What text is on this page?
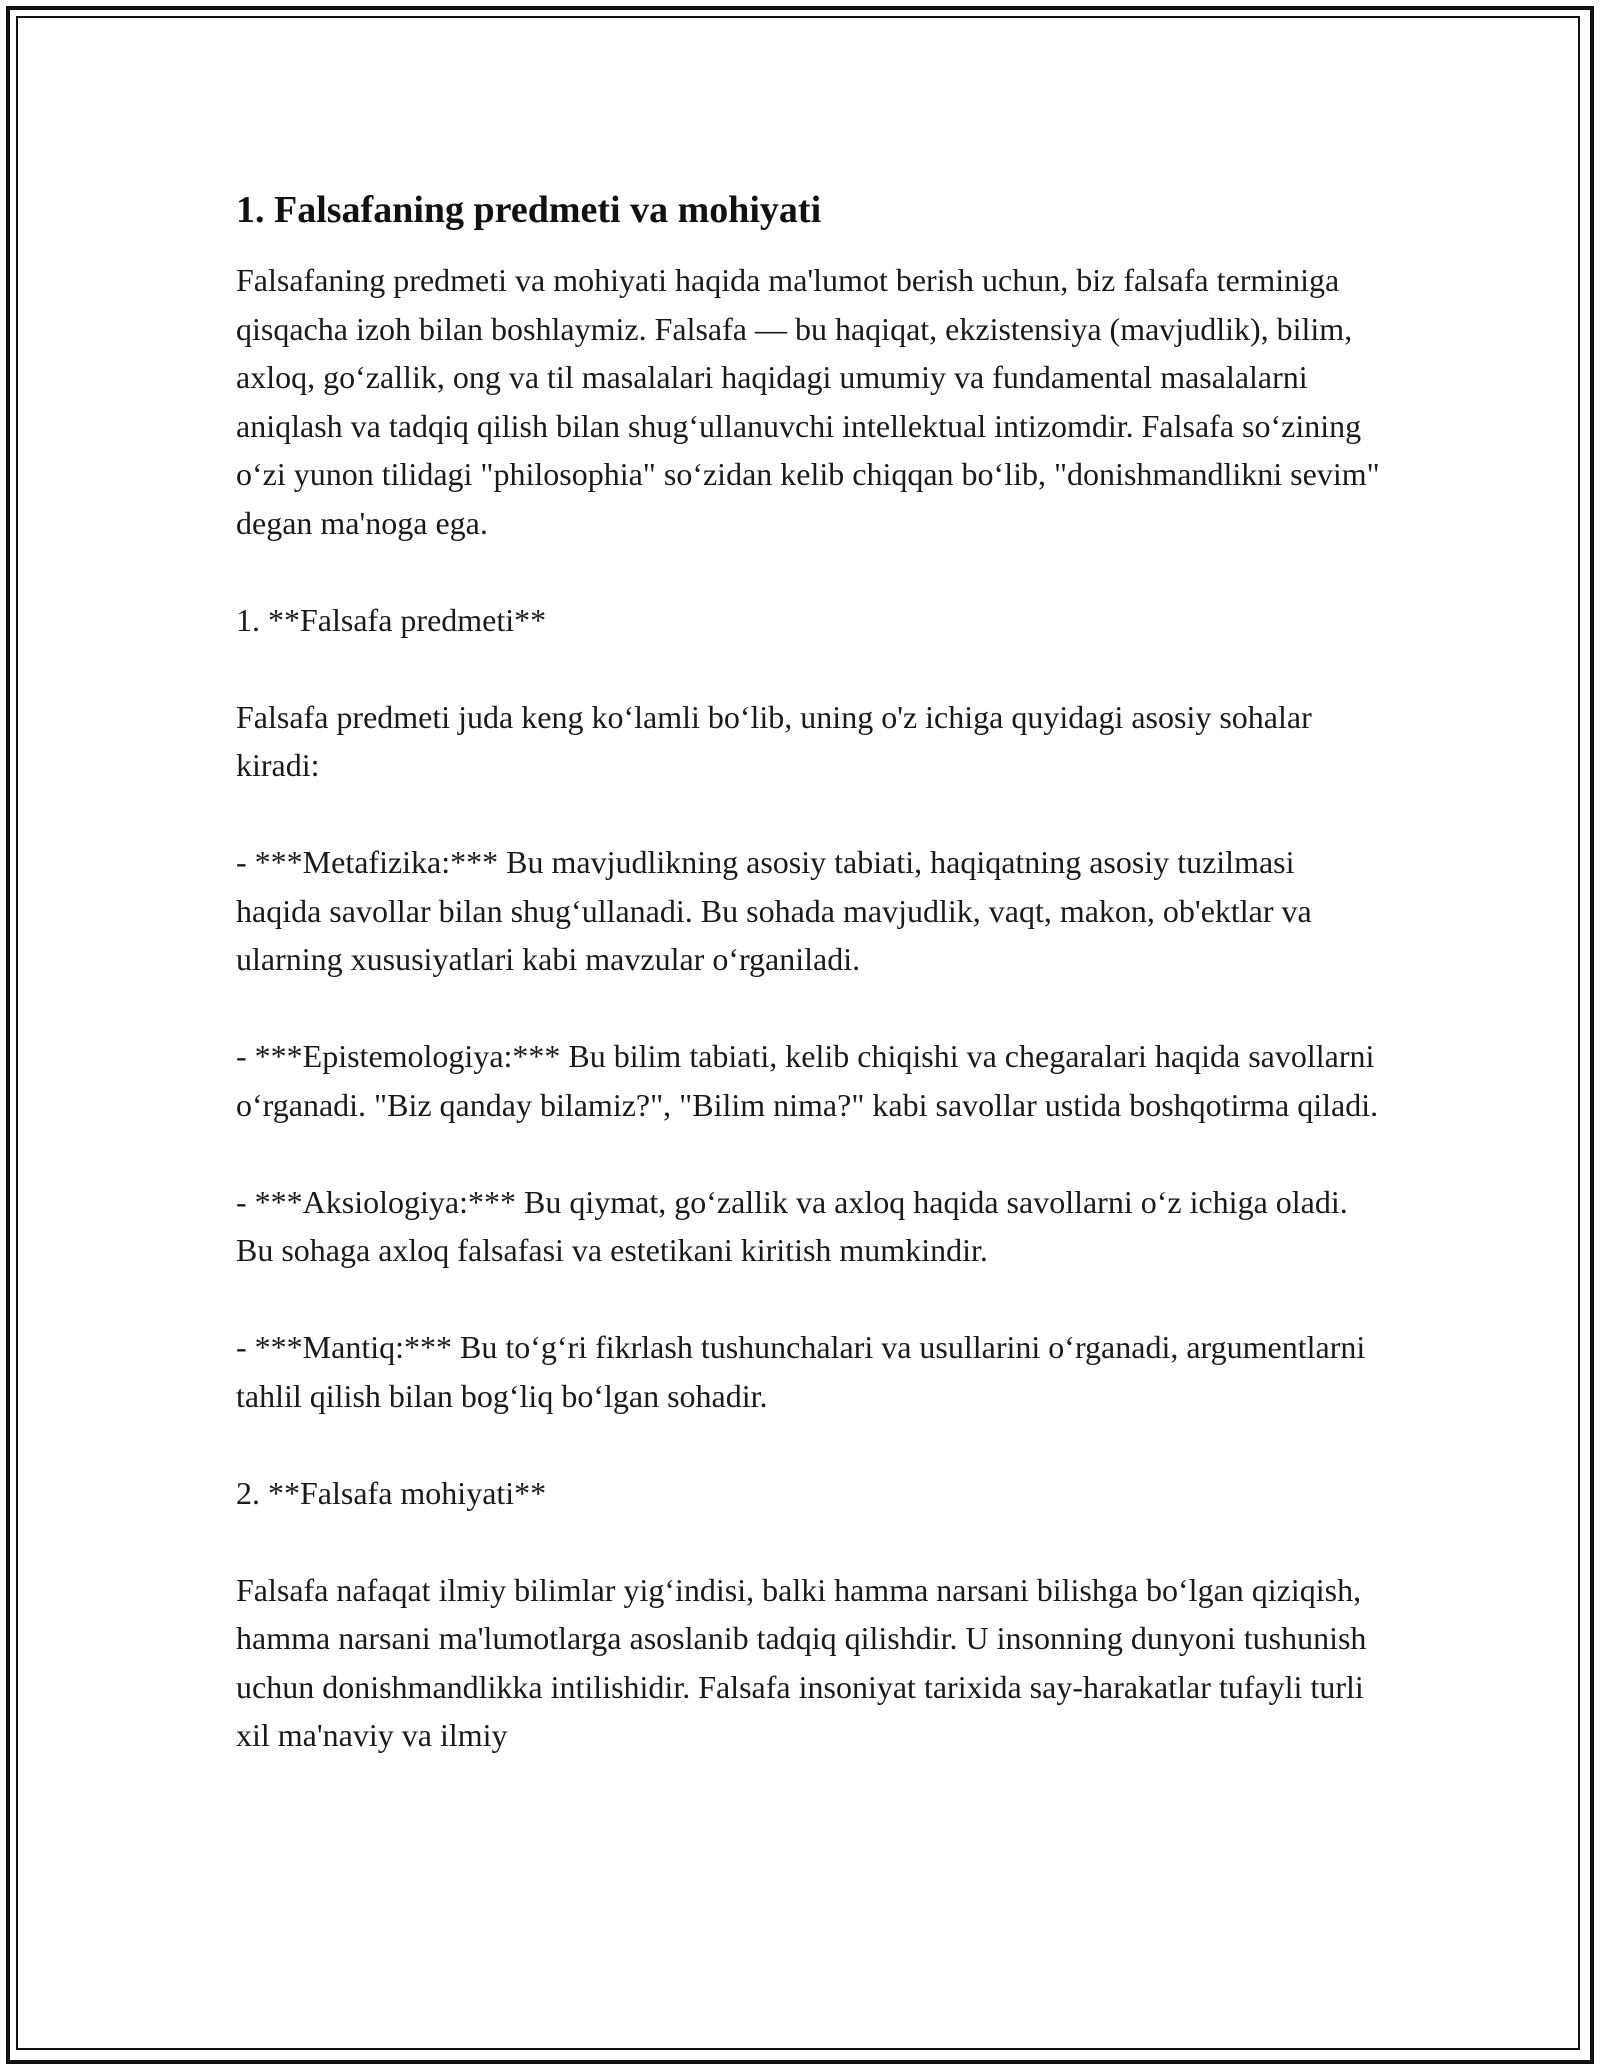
1. Falsafaning predmeti va mohiyati

Falsafaning predmeti va mohiyati haqida ma'lumot berish uchun, biz falsafa terminiga qisqacha izoh bilan boshlaymiz. Falsafa — bu haqiqat, ekzistensiya (mavjudlik), bilim, axloq, go‘zallik, ong va til masalalari haqidagi umumiy va fundamental masalalarni aniqlash va tadqiq qilish bilan shug‘ullanuvchi intellektual intizomdir. Falsafa so‘zining o‘zi yunon tilidagi "philosophia" so‘zidan kelib chiqqan bo‘lib, "donishmandlikni sevim" degan ma'noga ega.

1. **Falsafa predmeti**

Falsafa predmeti juda keng ko‘lamli bo‘lib, uning o'z ichiga quyidagi asosiy sohalar kiradi:

- ***Metafizika:*** Bu mavjudlikning asosiy tabiati, haqiqatning asosiy tuzilmasi haqida savollar bilan shug‘ullanadi. Bu sohada mavjudlik, vaqt, makon, ob'ektlar va ularning xususiyatlari kabi mavzular o‘rganiladi.

- ***Epistemologiya:*** Bu bilim tabiati, kelib chiqishi va chegaralari haqida savollarni o‘rganadi. "Biz qanday bilamiz?", "Bilim nima?" kabi savollar ustida boshqotirma qiladi.

- ***Aksiologiya:*** Bu qiymat, go‘zallik va axloq haqida savollarni o‘z ichiga oladi. Bu sohaga axloq falsafasi va estetikani kiritish mumkindir.

- ***Mantiq:*** Bu to‘g‘ri fikrlash tushunchalari va usullarini o‘rganadi, argumentlarni tahlil qilish bilan bog‘liq bo‘lgan sohadir.

2. **Falsafa mohiyati**

Falsafa nafaqat ilmiy bilimlar yig‘indisi, balki hamma narsani bilishga bo‘lgan qiziqish, hamma narsani ma'lumotlarga asoslanib tadqiq qilishdir. U insonning dunyoni tushunish uchun donishmandlikka intilishidir. Falsafa insoniyat tarixida say-harakatlar tufayli turli xil ma'naviy va ilmiy
